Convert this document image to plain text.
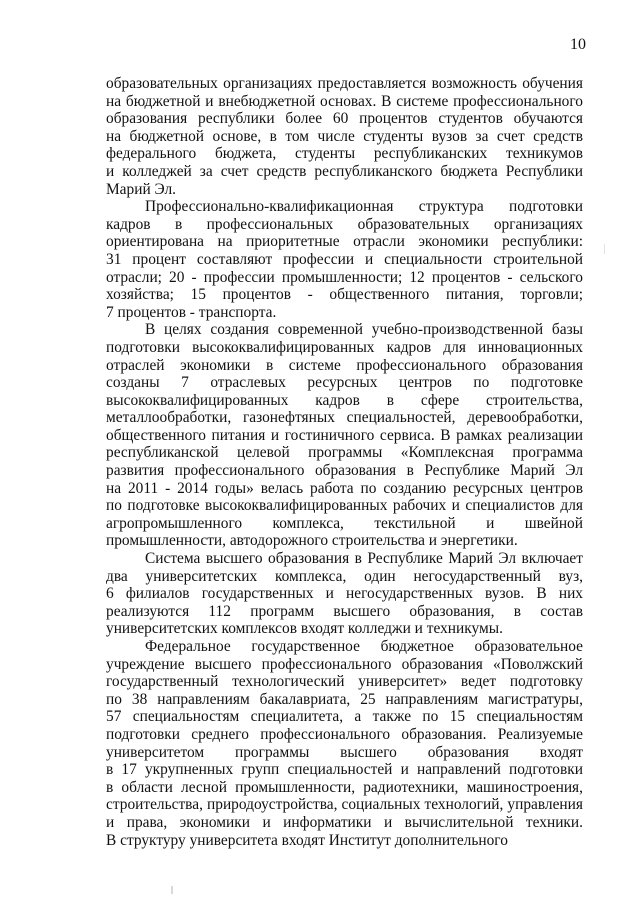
10
образовательных организациях предоставляется возможность обучения
на бюджетной и внебюджетной основах. В системе профессионального
образования республики более 60 процентов студентов обучаются
на бюджетной основе, в том числе студенты вузов за счет средств
федерального бюджета, студенты республиканских техникумов
и колледжей за счет средств республиканского бюджета Республики
Марий Эл.
Профессионально-квалификационная структура подготовки
кадров в профессиональных образовательных организациях
ориентирована на приоритетные отрасли экономики республики:
31 процент составляют профессии и специальности строительной
отрасли; 20 - профессии промышленности; 12 процентов - сельского
хозяйства; 15 процентов - общественного питания, торговли;
7 процентов - транспорта.
В целях создания современной учебно-производственной базы
подготовки высококвалифицированных кадров для инновационных
отраслей экономики в системе профессионального образования
созданы 7 отраслевых ресурсных центров по подготовке
высококвалифицированных кадров в сфере строительства,
металлообработки, газонефтяных специальностей, деревообработки,
общественного питания и гостиничного сервиса. В рамках реализации
республиканской целевой программы «Комплексная программа
развития профессионального образования в Республике Марий Эл
на 2011 - 2014 годы» велась работа по созданию ресурсных центров
по подготовке высококвалифицированных рабочих и специалистов для
агропромышленного комплекса, текстильной и швейной
промышленности, автодорожного строительства и энергетики.
Система высшего образования в Республике Марий Эл включает
два университетских комплекса, один негосударственный вуз,
6 филиалов государственных и негосударственных вузов. В них
реализуются 112 программ высшего образования, в состав
университетских комплексов входят колледжи и техникумы.
Федеральное государственное бюджетное образовательное
учреждение высшего профессионального образования «Поволжский
государственный технологический университет» ведет подготовку
по 38 направлениям бакалавриата, 25 направлениям магистратуры,
57 специальностям специалитета, а также по 15 специальностям
подготовки среднего профессионального образования. Реализуемые
университетом программы высшего образования входят
в 17 укрупненных групп специальностей и направлений подготовки
в области лесной промышленности, радиотехники, машиностроения,
строительства, природоустройства, социальных технологий, управления
и права, экономики и информатики и вычислительной техники.
В структуру университета входят Институт дополнительного
